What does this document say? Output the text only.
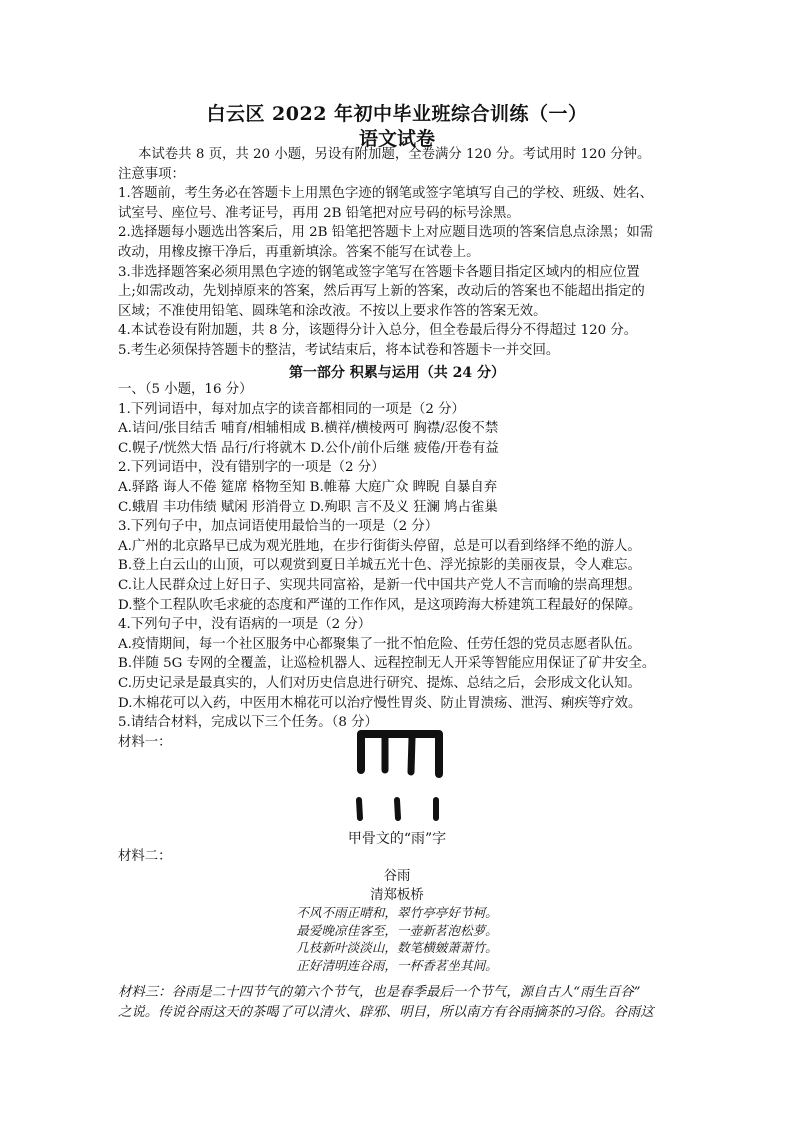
白云区 2022 年初中毕业班综合训练（一）
语文试卷
本试卷共 8 页，共 20 小题，另设有附加题，全卷满分 120 分。考试用时 120 分钟。
注意事项：
1.答题前，考生务必在答题卡上用黑色字迹的钢笔或签字笔填写自己的学校、班级、姓名、
试室号、座位号、准考证号，再用 2B 铅笔把对应号码的标号涂黑。
2.选择题每小题选出答案后，用 2B 铅笔把答题卡上对应题目选项的答案信息点涂黑；如需
改动，用橡皮擦干净后，再重新填涂。答案不能写在试卷上。
3.非选择题答案必须用黑色字迹的钢笔或签字笔写在答题卡各题目指定区域内的相应位置
上;如需改动，先划掉原来的答案，然后再写上新的答案，改动后的答案也不能超出指定的
区域；不准使用铅笔、圆珠笔和涂改液。不按以上要求作答的答案无效。
4.本试卷设有附加题，共 8 分，该题得分计入总分，但全卷最后得分不得超过 120 分。
5.考生必须保持答题卡的整洁，考试结束后，将本试卷和答题卡一并交回。
第一部分 积累与运用（共 24 分）
一、（5 小题，16 分）
1.下列词语中，每对加点字的读音都相同的一项是（2 分）
A.诘问/张目结舌 哺育/相辅相成 B.横祥/横棱两可 胸襟/忍俊不禁
C.幌子/恍然大悟 品行/行将就木 D.公仆/前仆后继 疲倦/开卷有益
2.下列词语中，没有错别字的一项是（2 分）
A.驿路 诲人不倦 筵席 格物至知 B.帷幕 大庭广众 睥睨 自暴自弃
C.蛾眉 丰功伟绩 赋闲 形消骨立 D.殉职 言不及义 狂澜 鸠占雀巢
3.下列句子中，加点词语使用最恰当的一项是（2 分）
A.广州的北京路早已成为观光胜地，在步行街街头停留，总是可以看到络绎不绝的游人。
B.登上白云山的山顶，可以观赏到夏日羊城五光十色、浮光掠影的美丽夜景，令人难忘。
C.让人民群众过上好日子、实现共同富裕，是新一代中国共产党人不言而喻的崇高理想。
D.整个工程队吹毛求疵的态度和严谨的工作作风，是这项跨海大桥建筑工程最好的保障。
4.下列句子中，没有语病的一项是（2 分）
A.疫情期间，每一个社区服务中心都聚集了一批不怕危险、任劳任怨的党员志愿者队伍。
B.伴随 5G 专网的全覆盖，让巡检机器人、远程控制无人开采等智能应用保证了矿井安全。
C.历史记录是最真实的，人们对历史信息进行研究、提炼、总结之后，会形成文化认知。
D.木棉花可以入药，中医用木棉花可以治疗慢性胃炎、防止胃溃疡、泄泻、痢疾等疗效。
5.请结合材料，完成以下三个任务。（8 分）
材料一：
甲骨文的“雨”字
材料二：
谷雨
清郑板桥
不风不雨正晴和，翠竹亭亭好节柯。
最爱晚凉佳客至，一壶新茗泡松萝。
几枝新叶淡淡山，数笔横皴萧萧竹。
正好清明连谷雨，一杯香茗坐其间。
材料三：谷雨是二十四节气的第六个节气，也是春季最后一个节气，源自古人“雨生百谷”
之说。传说谷雨这天的茶喝了可以清火、辟邪、明目，所以南方有谷雨摘茶的习俗。谷雨这
